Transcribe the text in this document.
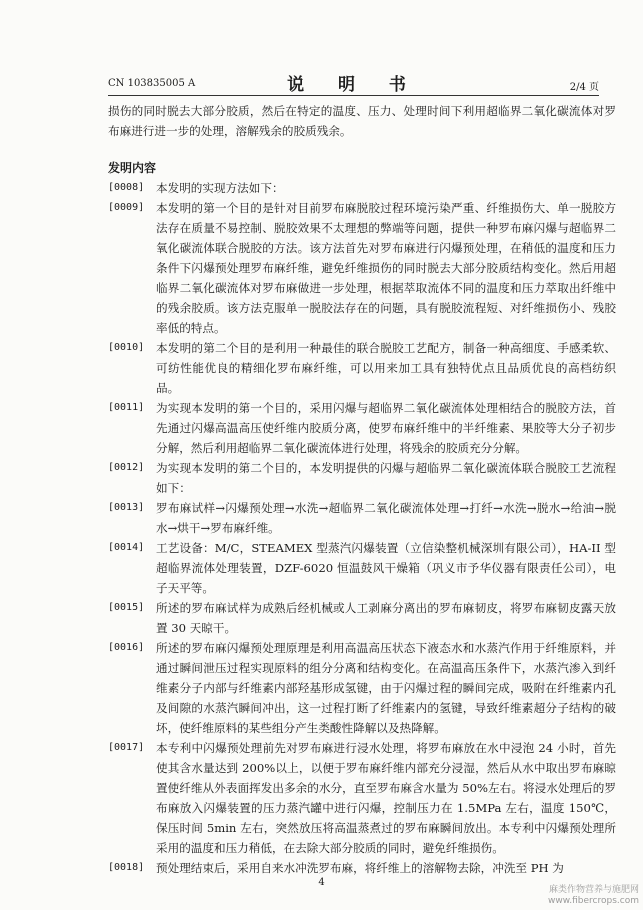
CN 103835005 A	说 明 书	2/4 页

损伤的同时脱去大部分胶质，然后在特定的温度、压力、处理时间下利用超临界二氧化碳流体对罗布麻进行进一步的处理，溶解残余的胶质残余。

发明内容
[0008]	本发明的实现方法如下：

[0009]	本发明的第一个目的是针对目前罗布麻脱胶过程环境污染严重、纤维损伤大、单一脱胶方法存在质量不易控制、脱胶效果不太理想的弊端等问题，提供一种罗布麻闪爆与超临界二氧化碳流体联合脱胶的方法。该方法首先对罗布麻进行闪爆预处理，在稍低的温度和压力条件下闪爆预处理罗布麻纤维，避免纤维损伤的同时脱去大部分胶质结构变化。然后用超临界二氧化碳流体对罗布麻做进一步处理，根据萃取流体不同的温度和压力萃取出纤维中的残余胶质。该方法克服单一脱胶法存在的问题，具有脱胶流程短、对纤维损伤小、残胶率低的特点。

[0010]	本发明的第二个目的是利用一种最佳的联合脱胶工艺配方，制备一种高细度、手感柔软、可纺性能优良的精细化罗布麻纤维，可以用来加工具有独特优点且品质优良的高档纺织品。

[0011]	为实现本发明的第一个目的，采用闪爆与超临界二氧化碳流体处理相结合的脱胶方法，首先通过闪爆高温高压使纤维内胶质分离，使罗布麻纤维中的半纤维素、果胶等大分子初步分解，然后利用超临界二氧化碳流体进行处理，将残余的胶质充分分解。

[0012]	为实现本发明的第二个目的，本发明提供的闪爆与超临界二氧化碳流体联合脱胶工艺流程如下：

[0013]	罗布麻试样→闪爆预处理→水洗→超临界二氧化碳流体处理→打纤→水洗→脱水→给油→脱水→烘干→罗布麻纤维。

[0014]	工艺设备：M/C，STEAMEX 型蒸汽闪爆装置（立信染整机械深圳有限公司），HA-II 型超临界流体处理装置，DZF-6020 恒温鼓风干燥箱（巩义市予华仪器有限责任公司），电子天平等。

[0015]	所述的罗布麻试样为成熟后经机械或人工剥麻分离出的罗布麻韧皮，将罗布麻韧皮露天放置 30 天晾干。

[0016]	所述的罗布麻闪爆预处理原理是利用高温高压状态下液态水和水蒸汽作用于纤维原料，并通过瞬间泄压过程实现原料的组分分离和结构变化。在高温高压条件下，水蒸汽渗入到纤维素分子内部与纤维素内部羟基形成氢键，由于闪爆过程的瞬间完成，吸附在纤维素内孔及间隙的水蒸汽瞬间冲出，这一过程打断了纤维素内的氢键，导致纤维素超分子结构的破坏，使纤维原料的某些组分产生类酸性降解以及热降解。

[0017]	本专利中闪爆预处理前先对罗布麻进行浸水处理，将罗布麻放在水中浸泡 24 小时，首先使其含水量达到 200%以上，以便于罗布麻纤维内部充分浸湿，然后从水中取出罗布麻晾置使纤维从外表面挥发出多余的水分，直至罗布麻含水量为 50%左右。将浸水处理后的罗布麻放入闪爆装置的压力蒸汽罐中进行闪爆，控制压力在 1.5MPa 左右，温度 150℃，保压时间 5min 左右，突然放压将高温蒸煮过的罗布麻瞬间放出。本专利中闪爆预处理所采用的温度和压力稍低，在去除大部分胶质的同时，避免纤维损伤。

[0018]	预处理结束后，采用自来水冲洗罗布麻，将纤维上的溶解物去除，冲洗至 PH 为

4
麻类作物营养与施肥网
www.fibercrops.com
